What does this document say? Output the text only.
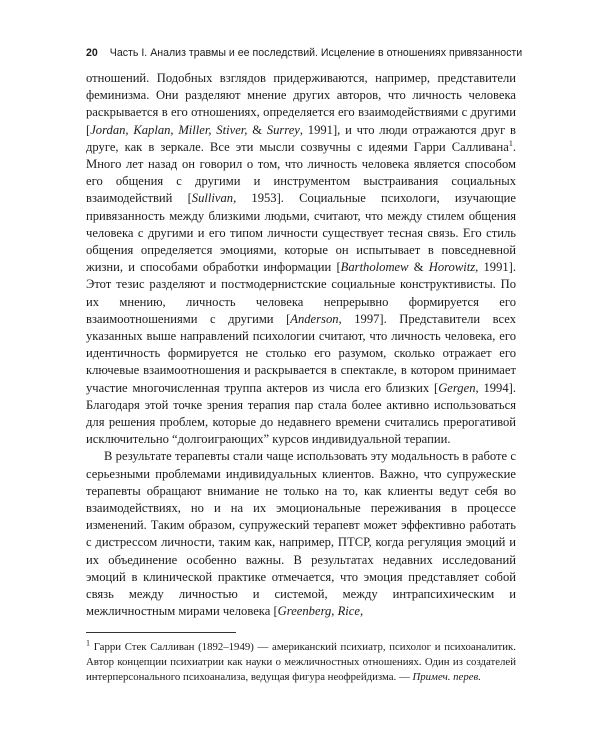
20 Часть I. Анализ травмы и ее последствий. Исцеление в отношениях привязанности

отношений. Подобных взглядов придерживаются, например, представители феминизма. Они разделяют мнение других авторов, что личность человека раскрывается в его отношениях, определяется его взаимодействиями с другими [Jordan, Kaplan, Miller, Stiver, & Surrey, 1991], и что люди отражаются друг в друге, как в зеркале. Все эти мысли созвучны с идеями Гарри Салливана$^1$. Много лет назад он говорил о том, что личность человека является способом его общения с другими и инструментом выстраивания социальных взаимодействий [Sullivan, 1953]. Социальные психологи, изучающие привязанность между близкими людьми, считают, что между стилем общения человека с другими и его типом личности существует тесная связь. Его стиль общения определяется эмоциями, которые он испытывает в повседневной жизни, и способами обработки информации [Bartholomew & Horowitz, 1991]. Этот тезис разделяют и постмодернистские социальные конструктивисты. По их мнению, личность человека непрерывно формируется его взаимоотношениями с другими [Anderson, 1997]. Представители всех указанных выше направлений психологии считают, что личность человека, его идентичность формируется не столько его разумом, сколько отражает его ключевые взаимоотношения и раскрывается в спектакле, в котором принимает участие многочисленная труппа актеров из числа его близких [Gergen, 1994]. Благодаря этой точке зрения терапия пар стала более активно использоваться для решения проблем, которые до недавнего времени считались прерогативой исключительно “долгоиграющих” курсов индивидуальной терапии.

В результате терапевты стали чаще использовать эту модальность в работе с серьезными проблемами индивидуальных клиентов. Важно, что супружеские терапевты обращают внимание не только на то, как клиенты ведут себя во взаимодействиях, но и на их эмоциональные переживания в процессе изменений. Таким образом, супружеский терапевт может эффективно работать с дистрессом личности, таким как, например, ПТСР, когда регуляция эмоций и их объединение особенно важны. В результатах недавних исследований эмоций в клинической практике отмечается, что эмоция представляет собой связь между личностью и системой, между интрапсихическим и межличностным мирами человека [Greenberg, Rice,

$^1$ Гарри Стек Салливан (1892–1949) — американский психиатр, психолог и психоаналитик. Автор концепции психиатрии как науки о межличностных отношениях. Один из создателей интерперсонального психоанализа, ведущая фигура неофрейдизма. — Примеч. перев.
